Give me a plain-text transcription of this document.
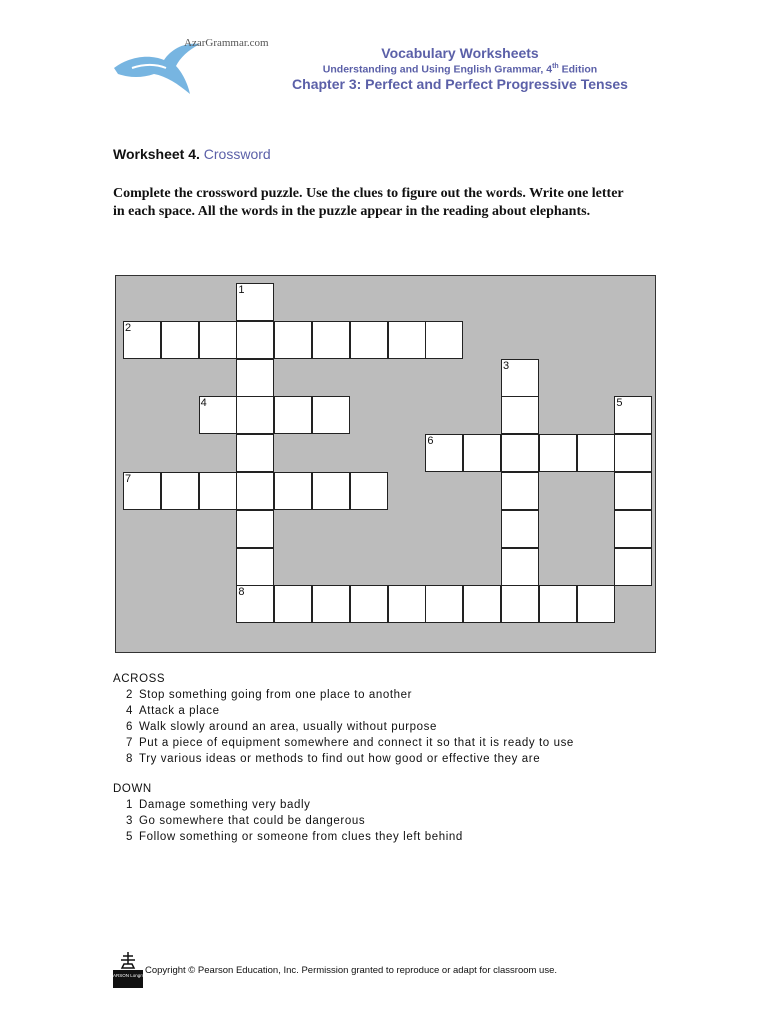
AzarGrammar.com
Vocabulary Worksheets
Understanding and Using English Grammar, 4th Edition
Chapter 3: Perfect and Perfect Progressive Tenses
Worksheet 4. Crossword
Complete the crossword puzzle. Use the clues to figure out the words. Write one letter in each space. All the words in the puzzle appear in the reading about elephants.
1
8
2
3
4	5
6
7
ACROSS
2 Stop something going from one place to another
4 Attack a place
6 Walk slowly around an area, usually without purpose
7 Put a piece of equipment somewhere and connect it so that it is ready to use
8 Try various ideas or methods to find out how good or effective they are
DOWN
1 Damage something very badly
3 Go somewhere that could be dangerous
5 Follow something or someone from clues they left behind
PEARSON Longman
Copyright © Pearson Education, Inc. Permission granted to reproduce or adapt for classroom use.
